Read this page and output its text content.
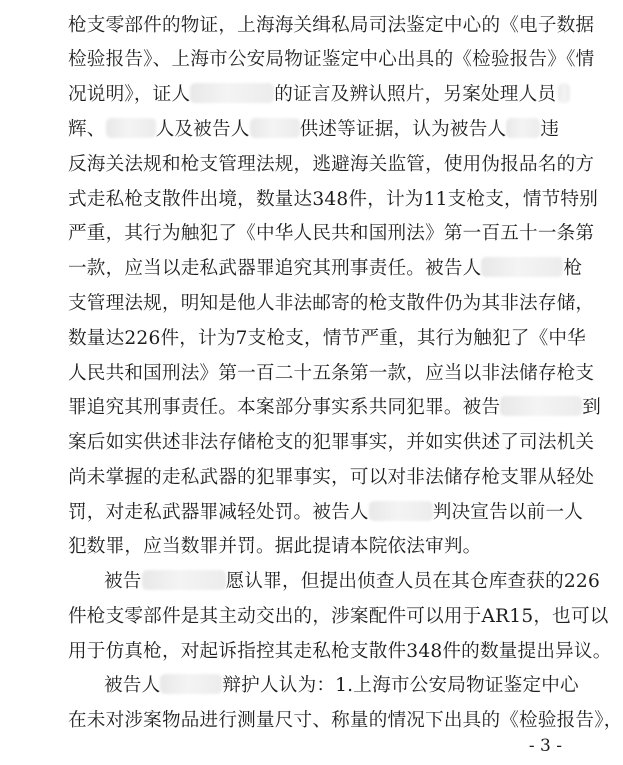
枪支零部件的物证，上海海关缉私局司法鉴定中心的《电子数据
检验报告》、上海市公安局物证鉴定中心出具的《检验报告》《情
况说明》，证人	的证言及辨认照片，另案处理人员
辉、	人及被告人	供述等证据，认为被告人 违
反海关法规和枪支管理法规，逃避海关监管，使用伪报品名的方
式走私枪支散件出境，数量达348件，计为11支枪支，情节特别
严重，其行为触犯了《中华人民共和国刑法》第一百五十一条第
一款，应当以走私武器罪追究其刑事责任。被告人	枪
支管理法规，明知是他人非法邮寄的枪支散件仍为其非法存储，
数量达226件，计为7支枪支，情节严重，其行为触犯了《中华
人民共和国刑法》第一百二十五条第一款，应当以非法储存枪支
罪追究其刑事责任。本案部分事实系共同犯罪。被告	到
案后如实供述非法存储枪支的犯罪事实，并如实供述了司法机关
尚未掌握的走私武器的犯罪事实，可以对非法储存枪支罪从轻处
罚，对走私武器罪减轻处罚。被告人	判决宣告以前一人
犯数罪，应当数罪并罚。据此提请本院依法审判。
被告	愿认罪，但提出侦查人员在其仓库查获的226
件枪支零部件是其主动交出的，涉案配件可以用于AR15，也可以
用于仿真枪，对起诉指控其走私枪支散件348件的数量提出异议。
被告人	辩护人认为：1.上海市公安局物证鉴定中心
在未对涉案物品进行测量尺寸、称量的情况下出具的《检验报告》，
- 3 -
